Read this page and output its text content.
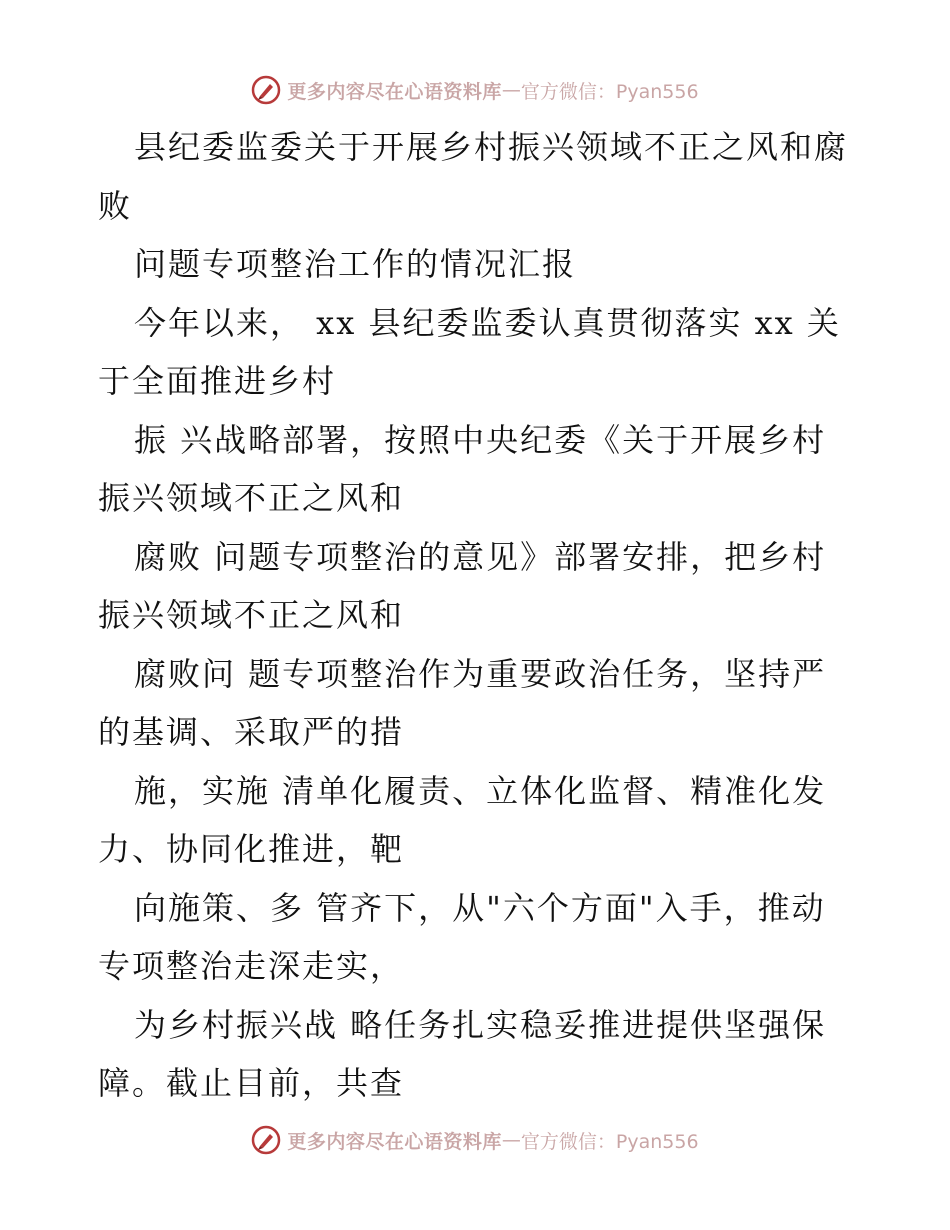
更多内容尽在心语资料库 — 官方微信：Pyan556
县纪委监委关于开展乡村振兴领域不正之风和腐
败
问题专项整治工作的情况汇报
今年以来， xx 县纪委监委认真贯彻落实 xx 关
于全面推进乡村
振 兴战略部署，按照中央纪委《关于开展乡村
振兴领域不正之风和
腐败 问题专项整治的意见》部署安排，把乡村
振兴领域不正之风和
腐败问 题专项整治作为重要政治任务，坚持严
的基调、采取严的措
施，实施 清单化履责、立体化监督、精准化发
力、协同化推进，靶
向施策、多 管齐下，从"六个方面"入手，推动
专项整治走深走实，
为乡村振兴战 略任务扎实稳妥推进提供坚强保
障。截止目前，共查
更多内容尽在心语资料库 — 官方微信：Pyan556
